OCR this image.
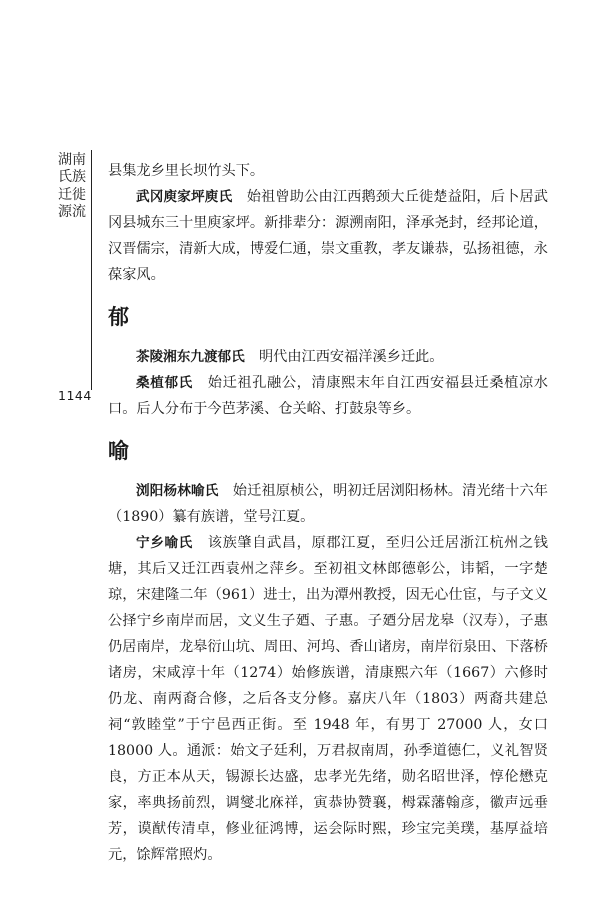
湖南氏族迁徙源流
1144

县集龙乡里长坝竹头下。

武冈庾家坪庾氏　 始祖曾助公由江西鹅颈大丘徙楚益阳，后卜居武冈县城东三十里庾家坪。新排辈分：源溯南阳，泽承尧封，经邦论道，汉晋儒宗，清新大成，博爱仁通，崇文重教，孝友谦恭，弘扬祖德，永葆家风。

郁

茶陵湘东九渡郁氏　 明代由江西安福洋溪乡迁此。

桑植郁氏　 始迁祖孔融公，清康熙末年自江西安福县迁桑植凉水口。后人分布于今芭茅溪、仓关峪、打鼓泉等乡。

喻

浏阳杨林喻氏　 始迁祖原桢公，明初迁居浏阳杨林。清光绪十六年（1890）纂有族谱，堂号江夏。

宁乡喻氏　 该族肇自武昌，原郡江夏，至归公迁居浙江杭州之钱塘，其后又迁江西袁州之萍乡。至初祖文林郎德彰公，讳韬，一字楚琼，宋建隆二年（961）进士，出为潭州教授，因无心仕宦，与子文义公择宁乡南岸而居，文义生子廼、子惠。子廼分居龙皋（汉寿），子惠仍居南岸，龙皋衍山坑、周田、河坞、香山诸房，南岸衍泉田、下落桥诸房，宋咸淳十年（1274）始修族谱，清康熙六年（1667）六修时仍龙、南两裔合修，之后各支分修。嘉庆八年（1803）两裔共建总祠“敦睦堂”于宁邑西正街。至 1948 年，有男丁 27000 人，女口 18000 人。通派：始文子廷利，万君叔南周，孙季道德仁，义礼智贤良，方正本从天，锡源长达盛，忠孝光先绪，勋名昭世泽，惇伦懋克家，率典扬前烈，调燮北庥祥，寅恭协赞襄，栂霖藩翰彦，徽声远垂芳，谟猷传清卓，修业征鸿博，运会际时熙，珍宝完美璞，基厚益培元，馀辉常照灼。
